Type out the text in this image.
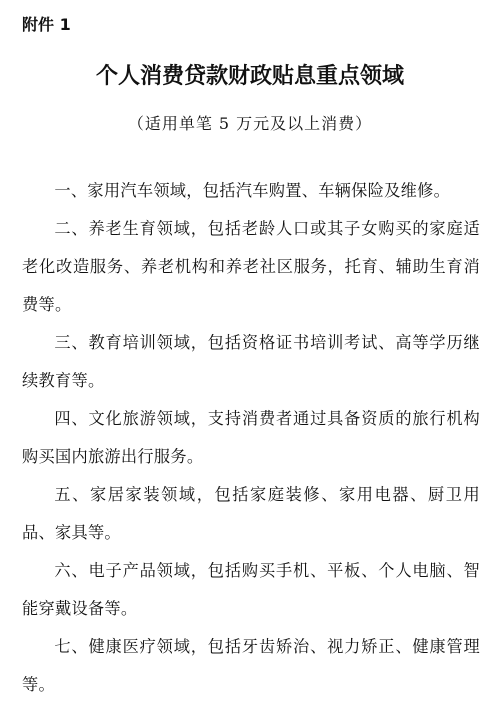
附件 1
个人消费贷款财政贴息重点领域
（适用单笔 5 万元及以上消费）

一、家用汽车领域，包括汽车购置、车辆保险及维修。

二、养老生育领域，包括老龄人口或其子女购买的家庭适老化改造服务、养老机构和养老社区服务，托育、辅助生育消费等。

三、教育培训领域，包括资格证书培训考试、高等学历继续教育等。

四、文化旅游领域，支持消费者通过具备资质的旅行机构购买国内旅游出行服务。

五、家居家装领域，包括家庭装修、家用电器、厨卫用品、家具等。

六、电子产品领域，包括购买手机、平板、个人电脑、智能穿戴设备等。

七、健康医疗领域，包括牙齿矫治、视力矫正、健康管理等。
